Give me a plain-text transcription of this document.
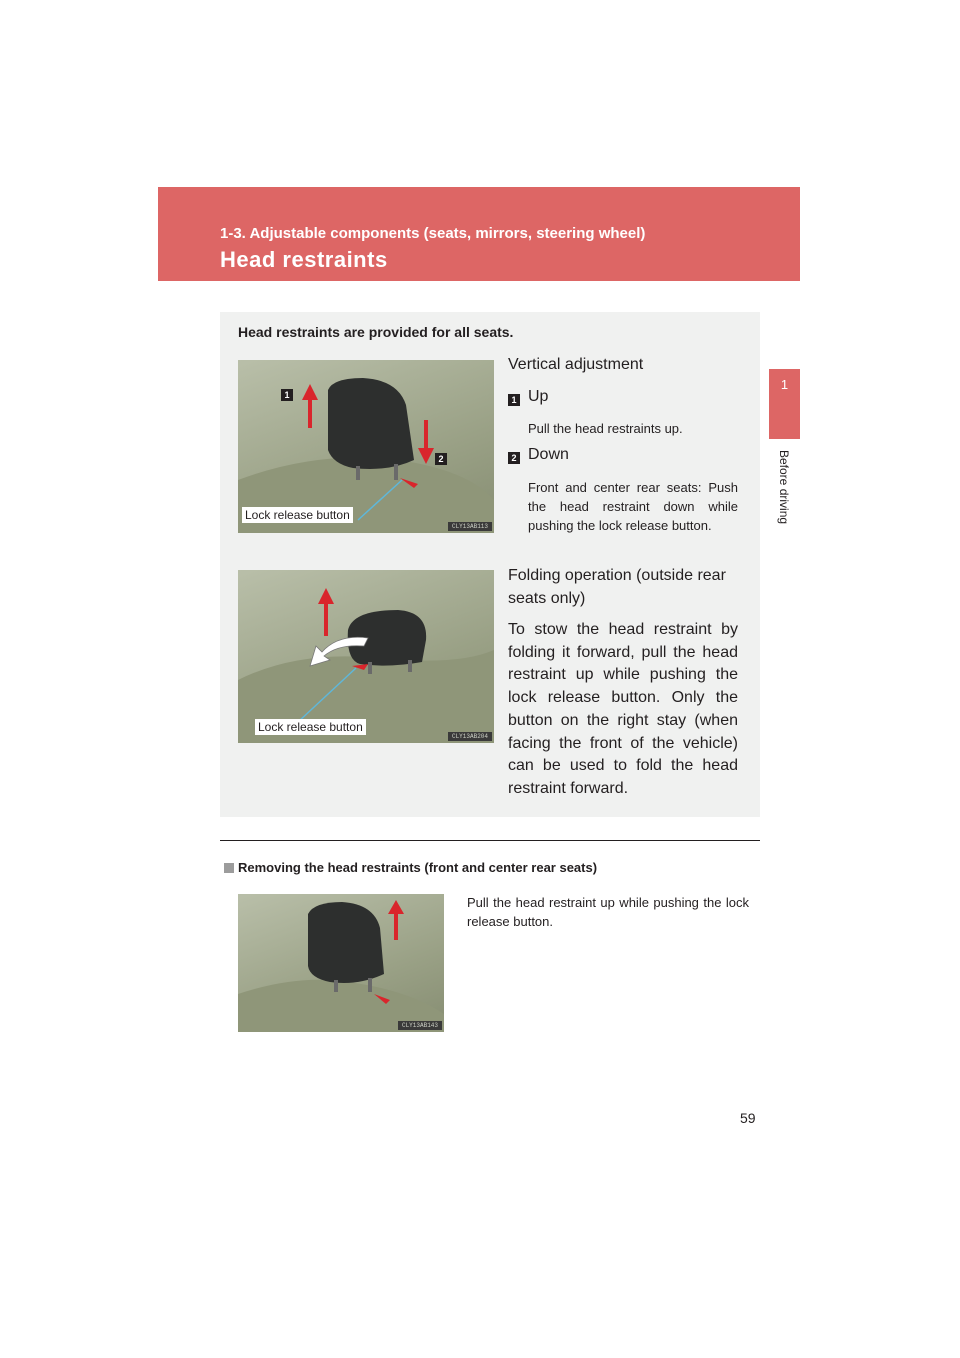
1-3. Adjustable components (seats, mirrors, steering wheel)
Head restraints
1
Before driving
Head restraints are provided for all seats.
1
2
Lock release button
CLY13AB113
Vertical adjustment
1 Up
Pull the head restraints up.
2 Down
Front and center rear seats: Push the head restraint down while pushing the lock release button.
Lock release button
CLY13AB204
Folding operation (outside rear seats only)
To stow the head restraint by folding it forward, pull the head restraint up while pushing the lock release button. Only the button on the right stay (when facing the front of the vehicle) can be used to fold the head restraint forward.
Removing the head restraints (front and center rear seats)
CLY13AB143
Pull the head restraint up while pushing the lock release button.
59
